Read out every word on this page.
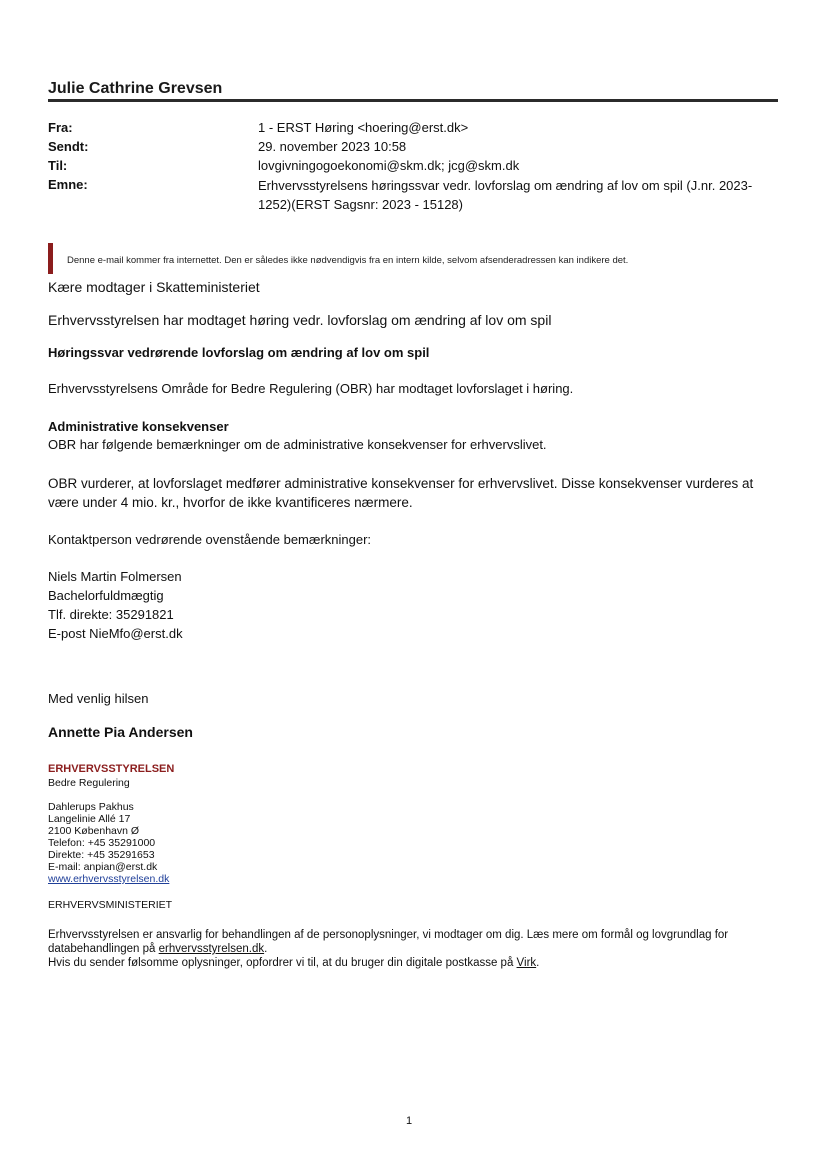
Julie Cathrine Grevsen
Fra:	1 - ERST Høring <hoering@erst.dk>
Sendt:	29. november 2023 10:58
Til:	lovgivningogoekonomi@skm.dk; jcg@skm.dk
Emne:	Erhvervsstyrelsens høringssvar vedr. lovforslag om ændring af lov om spil (J.nr. 2023-1252)(ERST Sagsnr: 2023 - 15128)
Denne e-mail kommer fra internettet. Den er således ikke nødvendigvis fra en intern kilde, selvom afsenderadressen kan indikere det.
Kære modtager i Skatteministeriet
Erhvervsstyrelsen har modtaget høring vedr. lovforslag om ændring af lov om spil
Høringssvar vedrørende lovforslag om ændring af lov om spil
Erhvervsstyrelsens Område for Bedre Regulering (OBR) har modtaget lovforslaget i høring.
Administrative konsekvenser
OBR har følgende bemærkninger om de administrative konsekvenser for erhvervslivet.
OBR vurderer, at lovforslaget medfører administrative konsekvenser for erhvervslivet. Disse konsekvenser vurderes at være under 4 mio. kr., hvorfor de ikke kvantificeres nærmere.
Kontaktperson vedrørende ovenstående bemærkninger:
Niels Martin Folmersen
Bachelorfuldmægtig
Tlf. direkte: 35291821
E-post NieMfo@erst.dk
Med venlig hilsen
Annette Pia Andersen
ERHVERVSSTYRELSEN
Bedre Regulering
Dahlerups Pakhus
Langelinie Allé 17
2100 København Ø
Telefon: +45 35291000
Direkte: +45 35291653
E-mail: anpian@erst.dk
www.erhvervsstyrelsen.dk
ERHVERVSMINISTERIET
Erhvervsstyrelsen er ansvarlig for behandlingen af de personoplysninger, vi modtager om dig. Læs mere om formål og lovgrundlag for databehandlingen på erhvervsstyrelsen.dk.
Hvis du sender følsomme oplysninger, opfordrer vi til, at du bruger din digitale postkasse på Virk.
1
